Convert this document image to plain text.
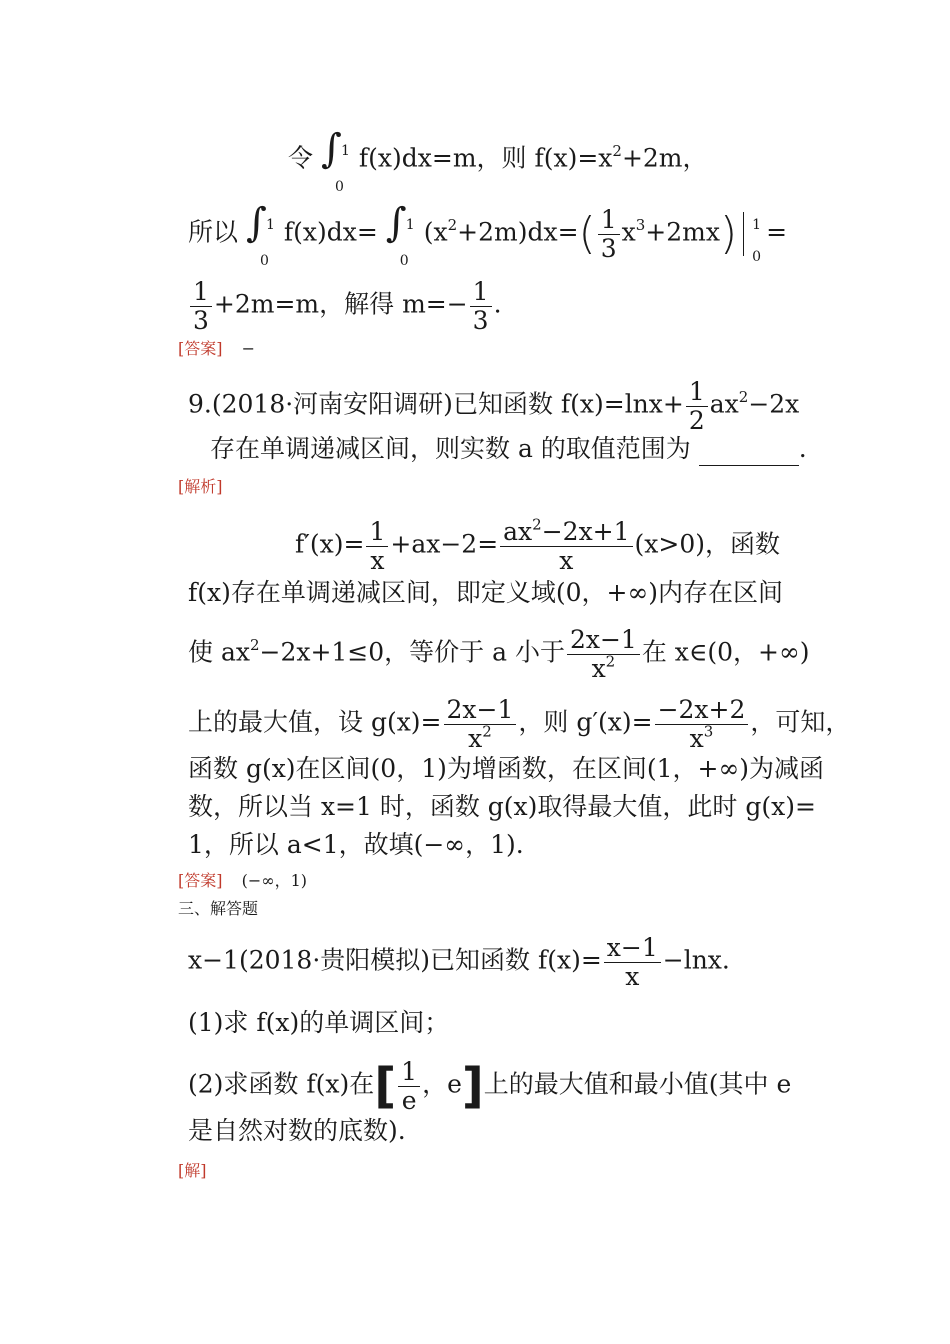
令 ∫ 1
0
f(x)dx=m，则 $f(x)=x^2+2m$，
所以 ∫ 1
0
f(x)dx= ∫ 1
0
$(x^2+2m)dx=( \frac{1}{3} x^3+2mx)$ 1
0
=
$\frac{1}{3} +2m=m$，解得 $m=- \frac{1}{3}$ .
[答案] −
9.(2018·河南安阳调研)已知函数 $f(x)=\ln x+ \frac{1}{2} ax^2-2x$
存在单调递减区间，则实数 a 的取值范围为	.
[解析]
$f'(x)= \frac{1}{x} +ax-2= \frac{ax^2-2x+1}{x} (x>0)$，函数
f(x)存在单调递减区间，即定义域(0，+∞)内存在区间
使 $ax^2-2x+1\le 0$，等价于 a 小于 $\frac{2x-1}{x^2}$ 在 x∈(0，+∞)
上的最大值，设 $g(x)= \frac{2x-1}{x^2}$ ，则 $g'(x)= \frac{-2x+2}{x^3}$ ，可知，
函数 g(x)在区间(0，1)为增函数，在区间(1，+∞)为减函
数，所以当 x=1 时，函数 g(x)取得最大值，此时 g(x)=
1，所以 a<1，故填(−∞，1).
[答案] (−∞，1)
三、解答题
x−1(2018·贵阳模拟)已知函数 $f(x)= \frac{x-1}{x} -\ln x$.
(1)求 f(x)的单调区间；
(2)求函数 f(x)在[ $\frac{1}{e}$ ，e]上的最大值和最小值(其中 e
是自然对数的底数).
[解]
